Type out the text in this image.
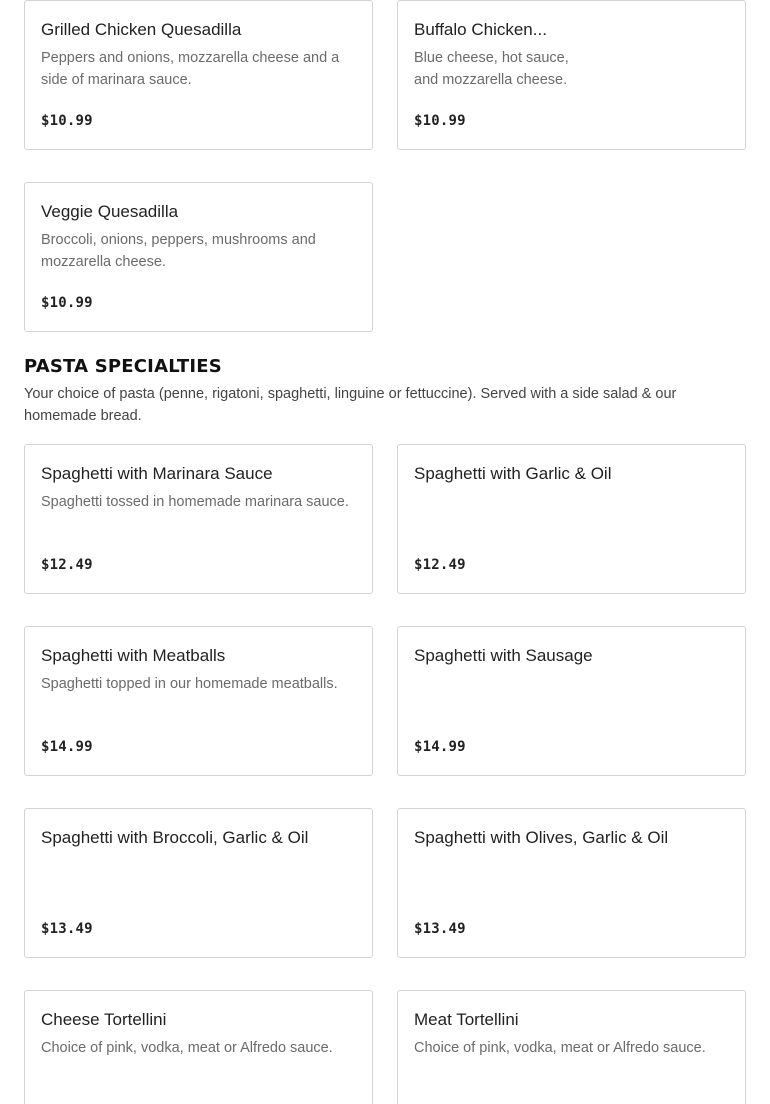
Grilled Chicken Quesadilla
Peppers and onions, mozzarella cheese and a side of marinara sauce.
$10.99
Buffalo Chicken...
Blue cheese, hot sauce, and mozzarella cheese.
$10.99
Veggie Quesadilla
Broccoli, onions, peppers, mushrooms and mozzarella cheese.
$10.99
PASTA SPECIALTIES
Your choice of pasta (penne, rigatoni, spaghetti, linguine or fettuccine). Served with a side salad & our homemade bread.
Spaghetti with Marinara Sauce
Spaghetti tossed in homemade marinara sauce.
$12.49
Spaghetti with Garlic & Oil
$12.49
Spaghetti with Meatballs
Spaghetti topped in our homemade meatballs.
$14.99
Spaghetti with Sausage
$14.99
Spaghetti with Broccoli, Garlic & Oil
$13.49
Spaghetti with Olives, Garlic & Oil
$13.49
Cheese Tortellini
Choice of pink, vodka, meat or Alfredo sauce.
Meat Tortellini
Choice of pink, vodka, meat or Alfredo sauce.
